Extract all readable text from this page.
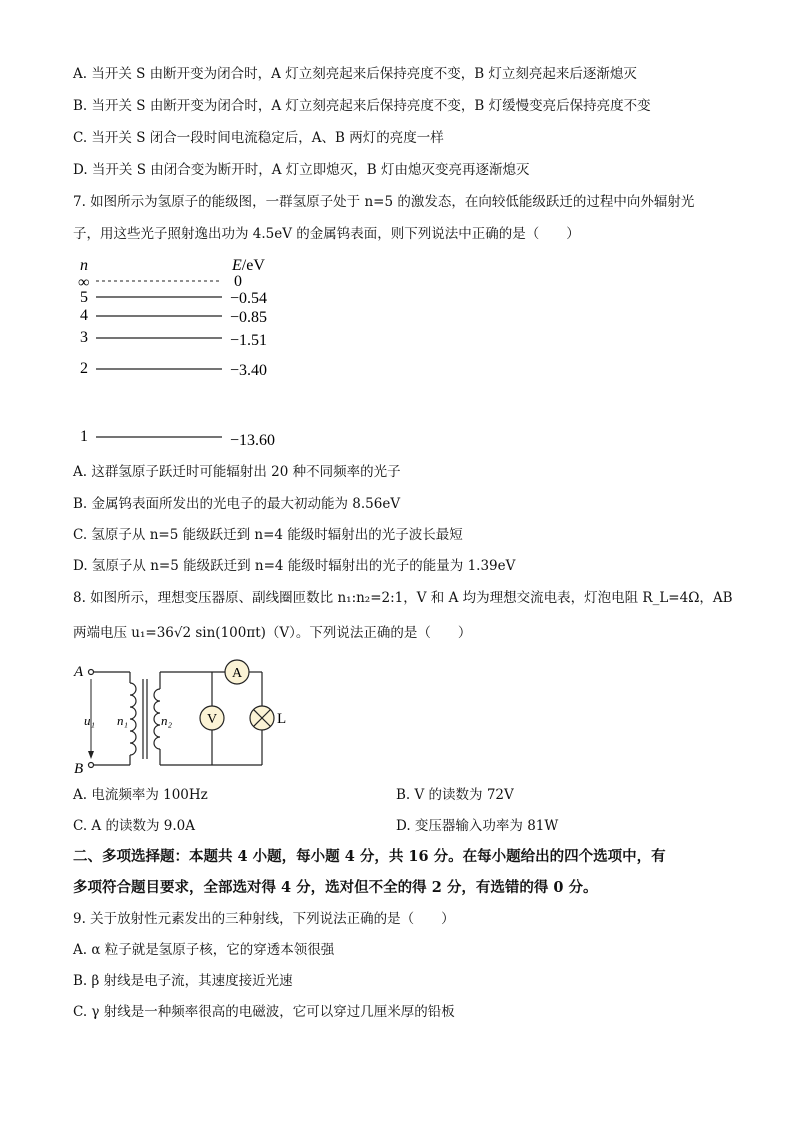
A. 当开关 S 由断开变为闭合时，A 灯立刻亮起来后保持亮度不变，B 灯立刻亮起来后逐渐熄灭
B. 当开关 S 由断开变为闭合时，A 灯立刻亮起来后保持亮度不变，B 灯缓慢变亮后保持亮度不变
C. 当开关 S 闭合一段时间电流稳定后，A、B 两灯的亮度一样
D. 当开关 S 由闭合变为断开时，A 灯立即熄灭，B 灯由熄灭变亮再逐渐熄灭
7. 如图所示为氢原子的能级图，一群氢原子处于 n=5 的激发态，在向较低能级跃迁的过程中向外辐射光
子，用这些光子照射逸出功为 4.5eV 的金属钨表面，则下列说法中正确的是（　　）
n	E/eV
∞	0
5	−0.54
4	−0.85
3	−1.51
2	−3.40
1	−13.60
A. 这群氢原子跃迁时可能辐射出 20 种不同频率的光子
B. 金属钨表面所发出的光电子的最大初动能为 8.56eV
C. 氢原子从 n=5 能级跃迁到 n=4 能级时辐射出的光子波长最短
D. 氢原子从 n=5 能级跃迁到 n=4 能级时辐射出的光子的能量为 1.39eV
8. 如图所示，理想变压器原、副线圈匝数比 n₁:n₂=2:1，V 和 A 均为理想交流电表，灯泡电阻 R_L=4Ω，AB
两端电压 u₁=36√2 sin(100πt)（V）。下列说法正确的是（　　）
A
B
u₁ n₁	n₂
A
V	L
A. 电流频率为 100Hz	B. V 的读数为 72V
C. A 的读数为 9.0A	D. 变压器输入功率为 81W
二、多项选择题：本题共 4 小题，每小题 4 分，共 16 分。在每小题给出的四个选项中，有
多项符合题目要求，全部选对得 4 分，选对但不全的得 2 分，有选错的得 0 分。
9. 关于放射性元素发出的三种射线，下列说法正确的是（　　）
A. α 粒子就是氢原子核，它的穿透本领很强
B. β 射线是电子流，其速度接近光速
C. γ 射线是一种频率很高的电磁波，它可以穿过几厘米厚的铅板
